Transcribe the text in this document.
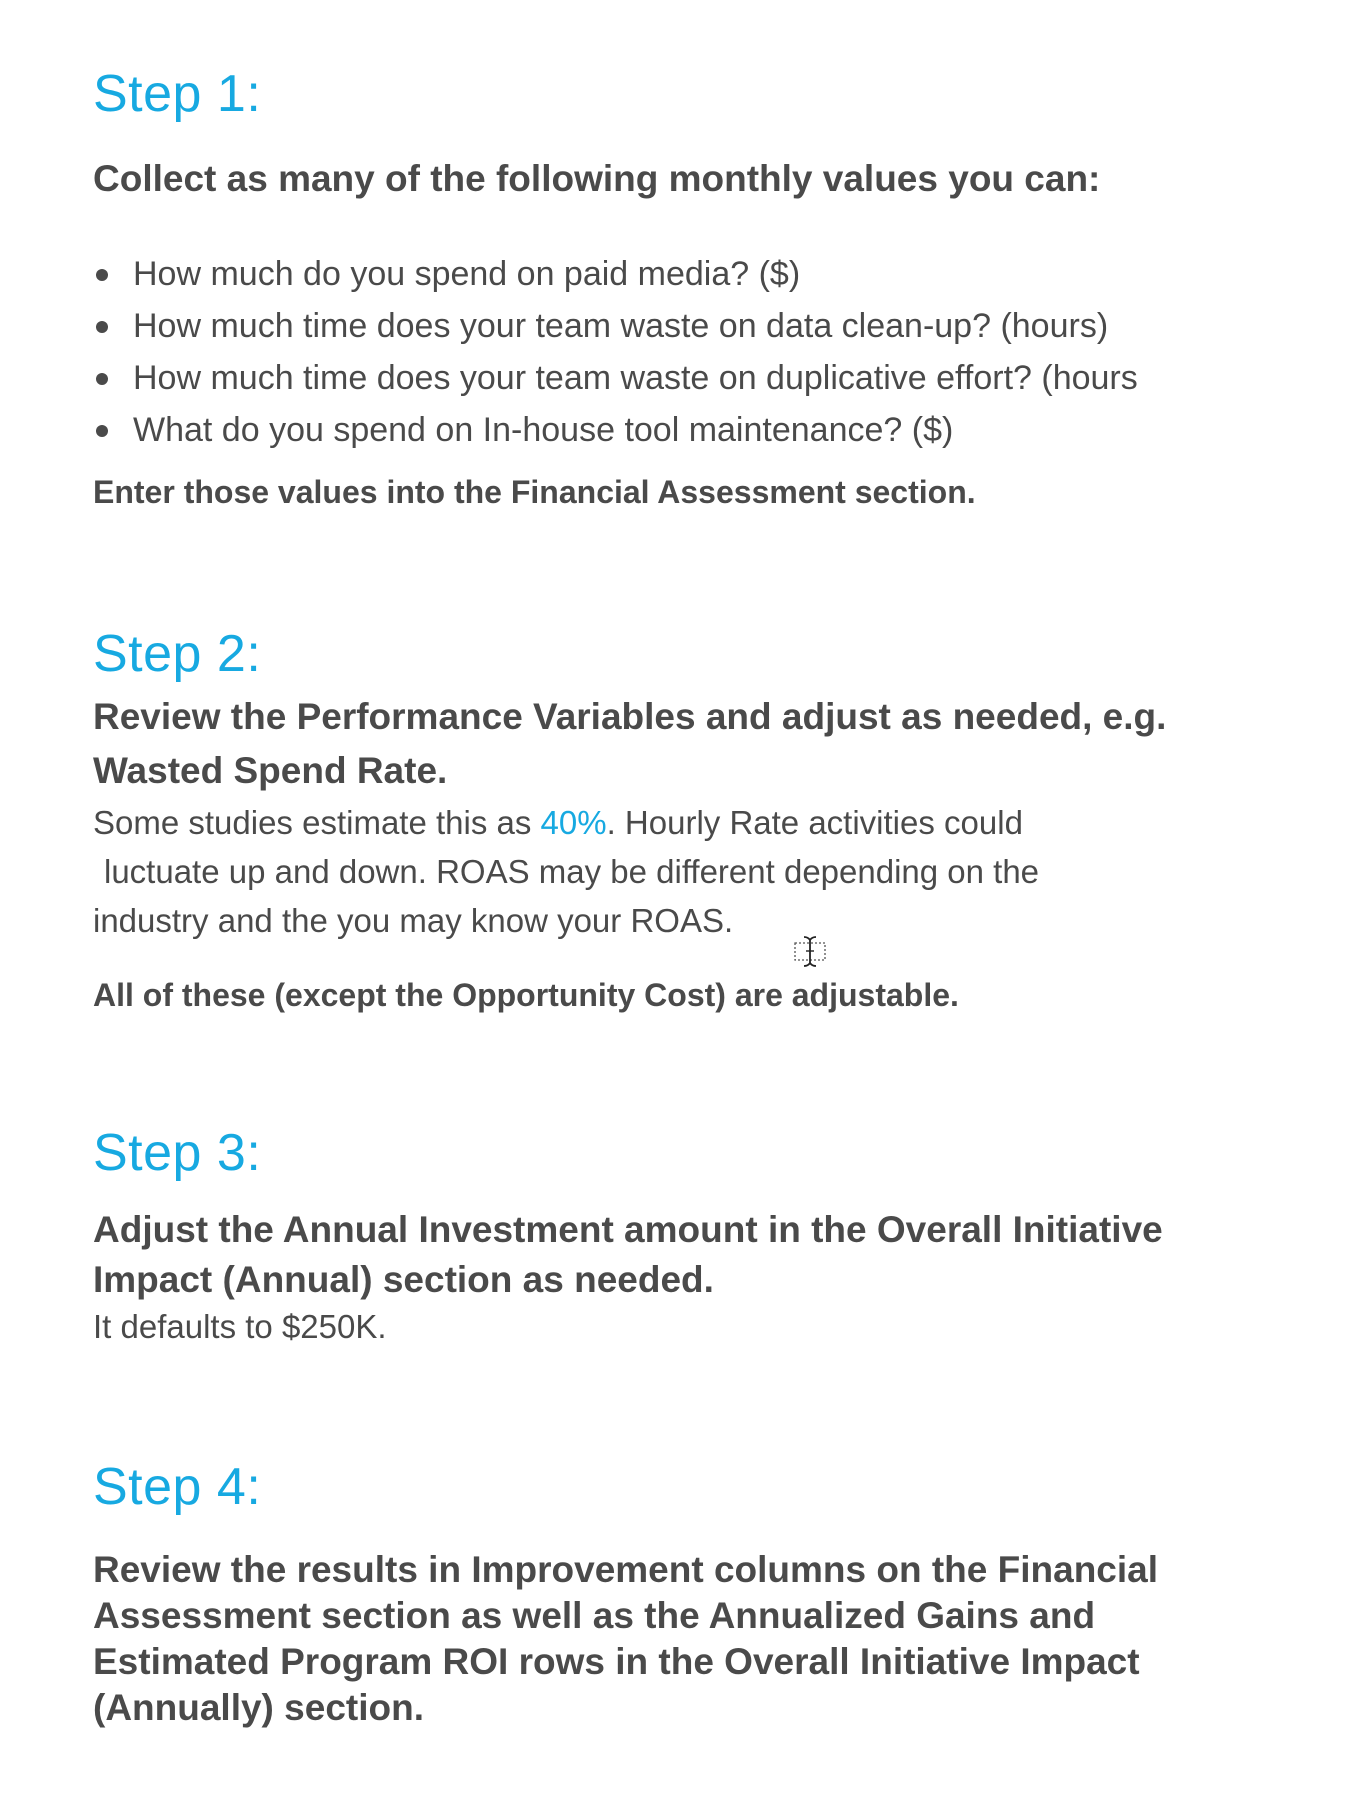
Step 1:

Collect as many of the following monthly values you can:

How much do you spend on paid media? ($)
How much time does your team waste on data clean-up? (hours)
How much time does your team waste on duplicative effort? (hours
What do you spend on In-house tool maintenance? ($)

Enter those values into the Financial Assessment section.

Step 2:

Review the Performance Variables and adjust as needed, e.g.
Wasted Spend Rate.

Some studies estimate this as 40%. Hourly Rate activities could
luctuate up and down. ROAS may be different depending on the
industry and the you may know your ROAS.

All of these (except the Opportunity Cost) are adjustable.

Step 3:

Adjust the Annual Investment amount in the Overall Initiative
Impact (Annual) section as needed.

It defaults to $250K.

Step 4:

Review the results in Improvement columns on the Financial
Assessment section as well as the Annualized Gains and
Estimated Program ROI rows in the Overall Initiative Impact
(Annually) section.
